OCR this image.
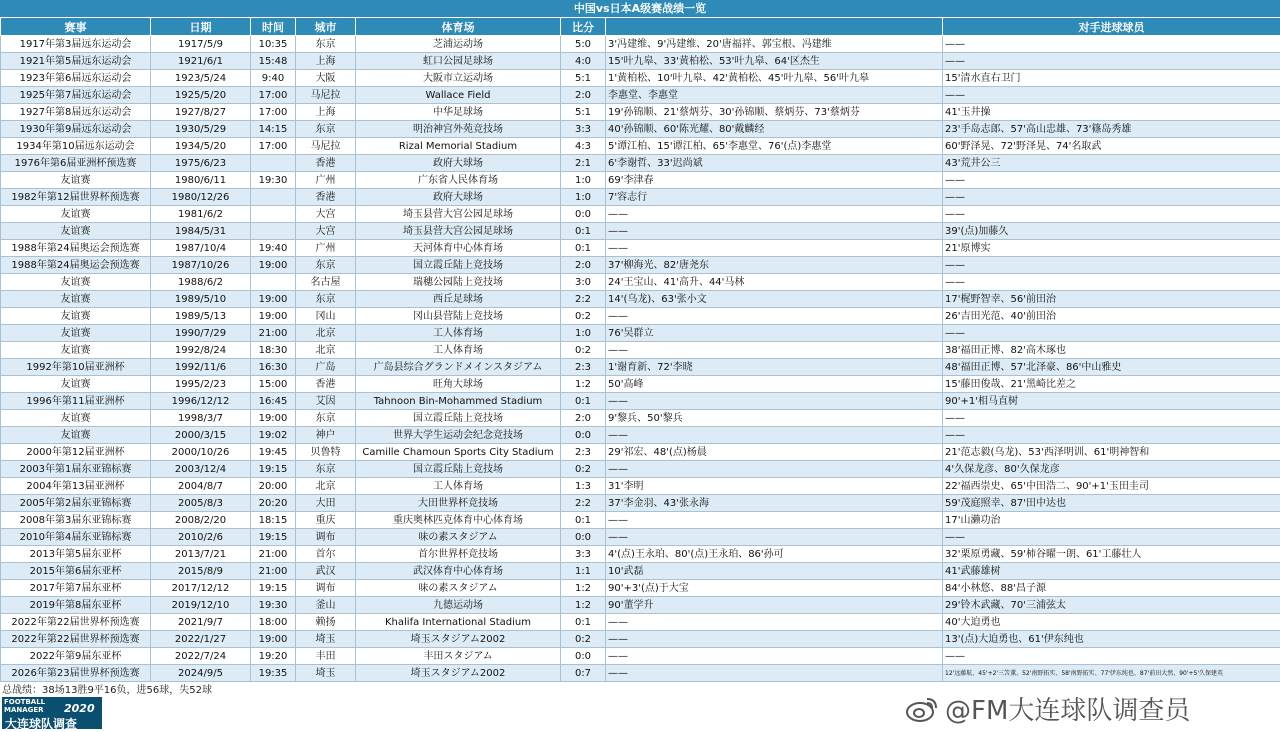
中国vs日本A级赛战绩一览
赛事	日期	时间	城市	体育场	比分		对手进球球员
1917年第3届远东运动会	1917/5/9	10:35	东京	芝浦运动场	5:0	3'冯建维、9'冯建维、20'唐福祥、郭宝根、冯建维	——
1921年第5届远东运动会	1921/6/1	15:48	上海	虹口公园足球场	4:0	15'叶九皋、33'黄柏松、53'叶九皋、64'区杰生	——
1923年第6届远东运动会	1923/5/24	9:40	大阪	大阪市立运动场	5:1	1'黄柏松、10'叶九皋、42'黄柏松、45'叶九皋、56'叶九皋	15'清水直右卫门
1925年第7届远东运动会	1925/5/20	17:00	马尼拉	Wallace Field	2:0	李惠堂、李惠堂	——
1927年第8届远东运动会	1927/8/27	17:00	上海	中华足球场	5:1	19'孙锦顺、21'蔡炳芬、30'孙锦顺、蔡炳芬、73'蔡炳芬	41'玉井操
1930年第9届远东运动会	1930/5/29	14:15	东京	明治神宫外苑竞技场	3:3	40'孙锦顺、60'陈光耀、80'戴麟经	23'手岛志郎、57'高山忠雄、73'篠岛秀雄
1934年第10届远东运动会	1934/5/20	17:00	马尼拉	Rizal Memorial Stadium	4:3	5'谭江柏、15'谭江柏、65'李惠堂、76'(点)李惠堂	60'野泽晃、72'野泽晃、74'名取武
1976年第6届亚洲杯预选赛	1975/6/23		香港	政府大球场	2:1	6'李谢哲、33'迟尚斌	43'荒井公三
友谊赛	1980/6/11	19:30	广州	广东省人民体育场	1:0	69'李津春	——
1982年第12届世界杯预选赛	1980/12/26		香港	政府大球场	1:0	7'容志行	——
友谊赛	1981/6/2		大宫	埼玉县营大宫公园足球场	0:0	——	——
友谊赛	1984/5/31		大宫	埼玉县营大宫公园足球场	0:1	——	39'(点)加藤久
1988年第24届奥运会预选赛	1987/10/4	19:40	广州	天河体育中心体育场	0:1	——	21'原博实
1988年第24届奥运会预选赛	1987/10/26	19:00	东京	国立霞丘陆上竞技场	2:0	37'柳海光、82'唐尧东	——
友谊赛	1988/6/2		名古屋	瑞穗公园陆上竞技场	3:0	24'王宝山、41'高升、44'马林	——
友谊赛	1989/5/10	19:00	东京	西丘足球场	2:2	14'(乌龙)、63'张小文	17'梶野智幸、56'前田治
友谊赛	1989/5/13	19:00	冈山	冈山县营陆上竞技场	0:2	——	26'吉田光范、40'前田治
友谊赛	1990/7/29	21:00	北京	工人体育场	1:0	76'吴群立	——
友谊赛	1992/8/24	18:30	北京	工人体育场	0:2	——	38'福田正博、82'高木琢也
1992年第10届亚洲杯	1992/11/6	16:30	广岛	广岛县综合グランドメインスタジアム	2:3	1'谢育新、72'李晓	48'福田正博、57'北泽豪、86'中山雅史
友谊赛	1995/2/23	15:00	香港	旺角大球场	1:2	50'高峰	15'藤田俊哉、21'黑崎比差之
1996年第11届亚洲杯	1996/12/12	16:45	艾因	Tahnoon Bin-Mohammed Stadium	0:1	——	90'+1'相马直树
友谊赛	1998/3/7	19:00	东京	国立霞丘陆上竞技场	2:0	9'黎兵、50'黎兵	——
友谊赛	2000/3/15	19:02	神户	世界大学生运动会纪念竞技场	0:0	——	——
2000年第12届亚洲杯	2000/10/26	19:45	贝鲁特	Camille Chamoun Sports City Stadium	2:3	29'祁宏、48'(点)杨晨	21'范志毅(乌龙)、53'西泽明训、61'明神智和
2003年第1届东亚锦标赛	2003/12/4	19:15	东京	国立霞丘陆上竞技场	0:2	——	4'久保龙彦、80'久保龙彦
2004年第13届亚洲杯	2004/8/7	20:00	北京	工人体育场	1:3	31'李明	22'福西崇史、65'中田浩二、90'+1'玉田圭司
2005年第2届东亚锦标赛	2005/8/3	20:20	大田	大田世界杯竞技场	2:2	37'李金羽、43'张永海	59'茂庭照幸、87'田中达也
2008年第3届东亚锦标赛	2008/2/20	18:15	重庆	重庆奥林匹克体育中心体育场	0:1	——	17'山濑功治
2010年第4届东亚锦标赛	2010/2/6	19:15	调布	味の素スタジアム	0:0	——	——
2013年第5届东亚杯	2013/7/21	21:00	首尔	首尔世界杯竞技场	3:3	4'(点)王永珀、80'(点)王永珀、86'孙可	32'栗原勇藏、59'柿谷曜一朗、61'工藤壮人
2015年第6届东亚杯	2015/8/9	21:00	武汉	武汉体育中心体育场	1:1	10'武磊	41'武藤雄树
2017年第7届东亚杯	2017/12/12	19:15	调布	味の素スタジアム	1:2	90'+3'(点)于大宝	84'小林悠、88'昌子源
2019年第8届东亚杯	2019/12/10	19:30	釜山	九德运动场	1:2	90'董学升	29'铃木武藏、70'三浦弦太
2022年第22届世界杯预选赛	2021/9/7	18:00	赖扬	Khalifa International Stadium	0:1	——	40'大迫勇也
2022年第22届世界杯预选赛	2022/1/27	19:00	埼玉	埼玉スタジアム2002	0:2	——	13'(点)大迫勇也、61'伊东纯也
2022年第9届东亚杯	2022/7/24	19:20	丰田	丰田スタジアム	0:0	——	——
2026年第23届世界杯预选赛	2024/9/5	19:35	埼玉	埼玉スタジアム2002	0:7	——	12'远藤航、45'+2'三笘薰、52'南野拓实、58'南野拓实、77'伊东纯也、87'前田大然、90'+5'久保建英
总战绩：38场13胜9平16负，进56球，失52球
FOOTBALL MANAGER	2020
大连球队调查	@FM大连球队调查员
